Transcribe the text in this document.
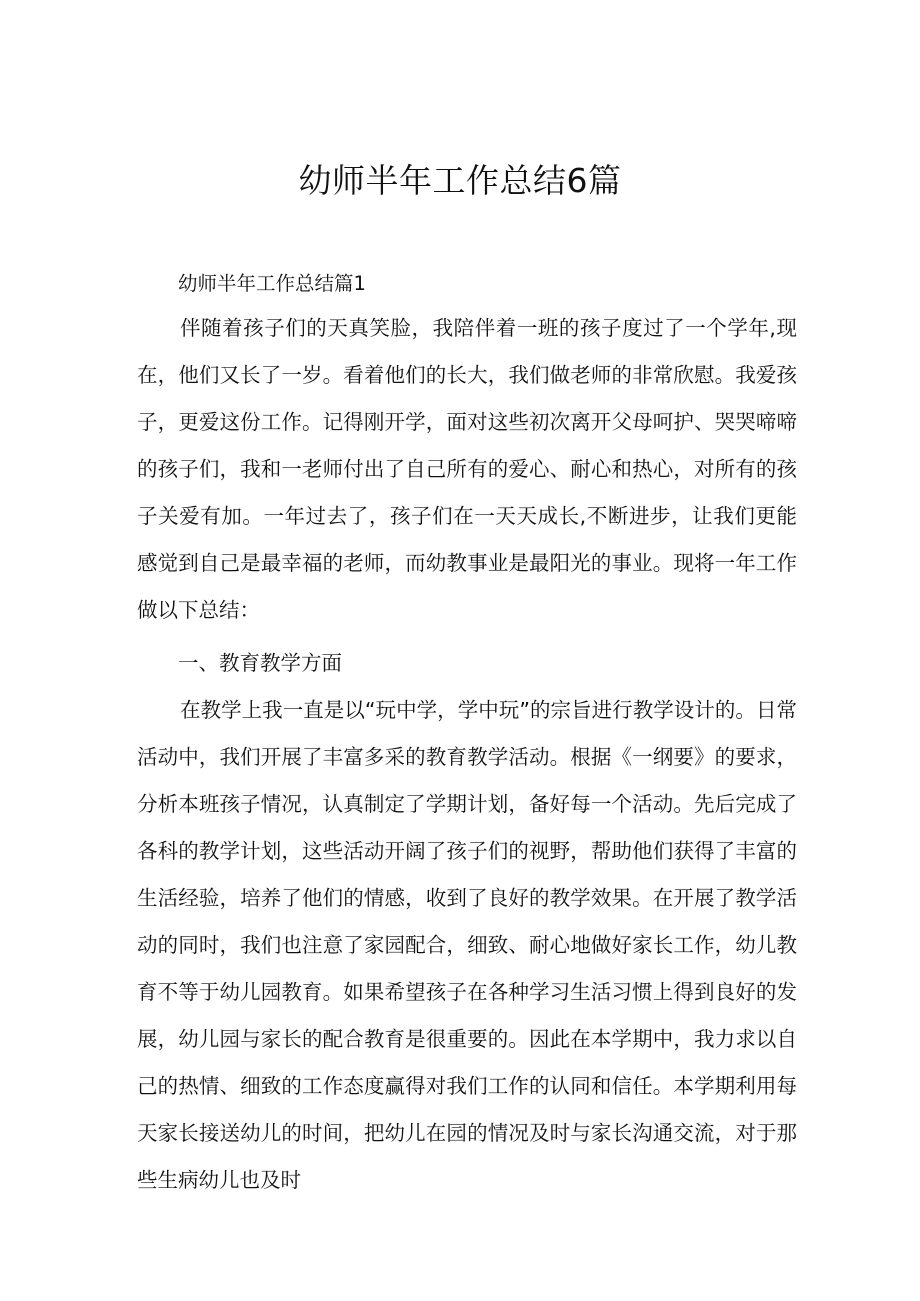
幼师半年工作总结6篇

幼师半年工作总结篇1

伴随着孩子们的天真笑脸，我陪伴着一班的孩子度过了一个学年,现在，他们又长了一岁。看着他们的长大，我们做老师的非常欣慰。我爱孩子，更爱这份工作。记得刚开学，面对这些初次离开父母呵护、哭哭啼啼的孩子们，我和一老师付出了自己所有的爱心、耐心和热心，对所有的孩子关爱有加。一年过去了，孩子们在一天天成长,不断进步，让我们更能感觉到自己是最幸福的老师，而幼教事业是最阳光的事业。现将一年工作做以下总结：

一、教育教学方面

在教学上我一直是以“玩中学，学中玩”的宗旨进行教学设计的。日常活动中，我们开展了丰富多采的教育教学活动。根据《一纲要》的要求，分析本班孩子情况，认真制定了学期计划，备好每一个活动。先后完成了各科的教学计划，这些活动开阔了孩子们的视野，帮助他们获得了丰富的生活经验，培养了他们的情感，收到了良好的教学效果。在开展了教学活动的同时，我们也注意了家园配合，细致、耐心地做好家长工作，幼儿教育不等于幼儿园教育。如果希望孩子在各种学习生活习惯上得到良好的发展，幼儿园与家长的配合教育是很重要的。因此在本学期中，我力求以自己的热情、细致的工作态度赢得对我们工作的认同和信任。本学期利用每天家长接送幼儿的时间，把幼儿在园的情况及时与家长沟通交流，对于那些生病幼儿也及时
